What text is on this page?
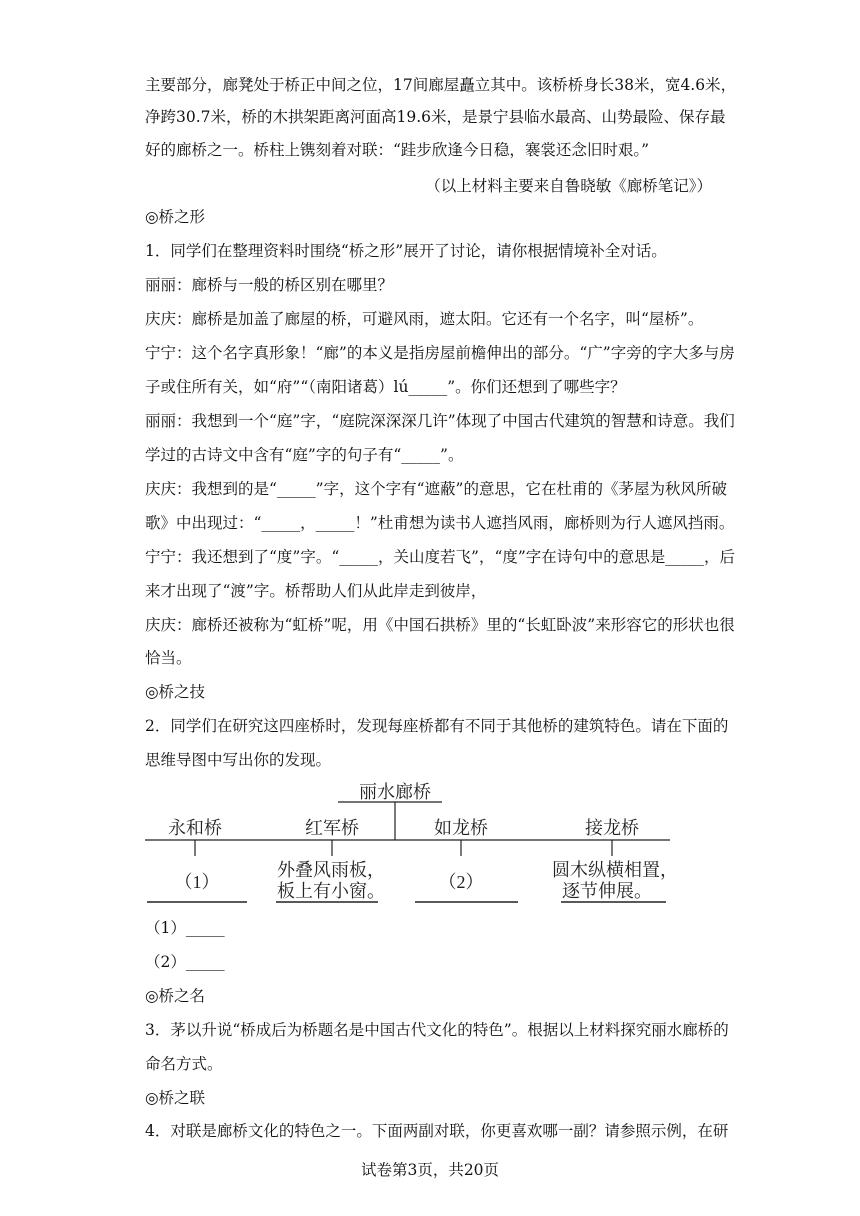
主要部分，廊凳处于桥正中间之位，17间廊屋矗立其中。该桥桥身长38米，宽4.6米，
净跨30.7米，桥的木拱架距离河面高19.6米，是景宁县临水最高、山势最险、保存最
好的廊桥之一。桥柱上镌刻着对联：“跬步欣逢今日稳，褰裳还念旧时艰。”
（以上材料主要来自鲁晓敏《廊桥笔记》）
◎桥之形
1．同学们在整理资料时围绕“桥之形”展开了讨论，请你根据情境补全对话。
丽丽：廊桥与一般的桥区别在哪里？
庆庆：廊桥是加盖了廊屋的桥，可避风雨，遮太阳。它还有一个名字，叫“屋桥”。
宁宁：这个名字真形象！“廊”的本义是指房屋前檐伸出的部分。“广”字旁的字大多与房
子或住所有关，如“府”“（南阳诸葛）lú_____”。你们还想到了哪些字？
丽丽：我想到一个“庭”字，“庭院深深深几许”体现了中国古代建筑的智慧和诗意。我们
学过的古诗文中含有“庭”字的句子有“_____”。
庆庆：我想到的是“_____”字，这个字有“遮蔽”的意思，它在杜甫的《茅屋为秋风所破
歌》中出现过：“_____，_____！”杜甫想为读书人遮挡风雨，廊桥则为行人遮风挡雨。
宁宁：我还想到了“度”字。“_____，关山度若飞”，“度”字在诗句中的意思是_____，后
来才出现了“渡”字。桥帮助人们从此岸走到彼岸，
庆庆：廊桥还被称为“虹桥”呢，用《中国石拱桥》里的“长虹卧波”来形容它的形状也很
恰当。
◎桥之技
2．同学们在研究这四座桥时，发现每座桥都有不同于其他桥的建筑特色。请在下面的
思维导图中写出你的发现。
丽水廊桥
永和桥
（1）
红军桥
外叠风雨板，
板上有小窗。
如龙桥
（2）
接龙桥
圆木纵横相置，
逐节伸展。
（1）_____
（2）_____
◎桥之名
3．茅以升说“桥成后为桥题名是中国古代文化的特色”。根据以上材料探究丽水廊桥的
命名方式。
◎桥之联
4．对联是廊桥文化的特色之一。下面两副对联，你更喜欢哪一副？请参照示例，在研
试卷第3页，共20页
